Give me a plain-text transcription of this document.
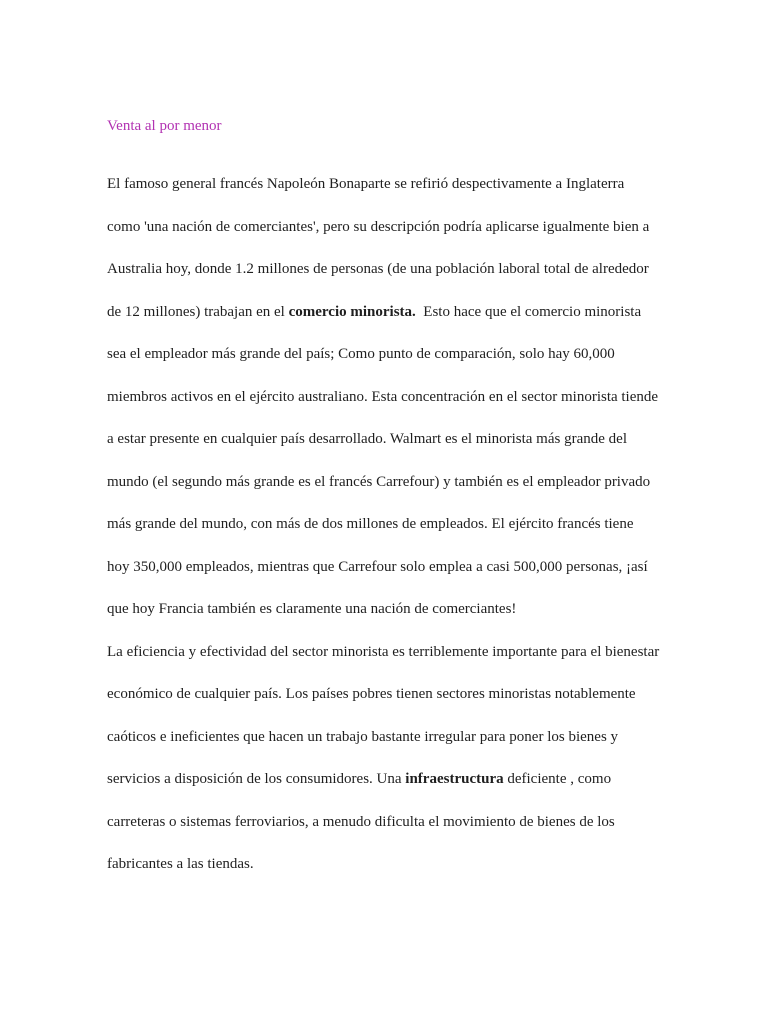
Venta al por menor

El famoso general francés Napoleón Bonaparte se refirió despectivamente a Inglaterra
como 'una nación de comerciantes', pero su descripción podría aplicarse igualmente bien a
Australia hoy, donde 1.2 millones de personas (de una población laboral total de alrededor
de 12 millones) trabajan en el comercio minorista.  Esto hace que el comercio minorista
sea el empleador más grande del país; Como punto de comparación, solo hay 60,000
miembros activos en el ejército australiano. Esta concentración en el sector minorista tiende
a estar presente en cualquier país desarrollado. Walmart es el minorista más grande del
mundo (el segundo más grande es el francés Carrefour) y también es el empleador privado
más grande del mundo, con más de dos millones de empleados. El ejército francés tiene
hoy 350,000 empleados, mientras que Carrefour solo emplea a casi 500,000 personas, ¡así
que hoy Francia también es claramente una nación de comerciantes!

La eficiencia y efectividad del sector minorista es terriblemente importante para el bienestar
económico de cualquier país. Los países pobres tienen sectores minoristas notablemente
caóticos e ineficientes que hacen un trabajo bastante irregular para poner los bienes y
servicios a disposición de los consumidores. Una infraestructura deficiente , como
carreteras o sistemas ferroviarios, a menudo dificulta el movimiento de bienes de los
fabricantes a las tiendas.
